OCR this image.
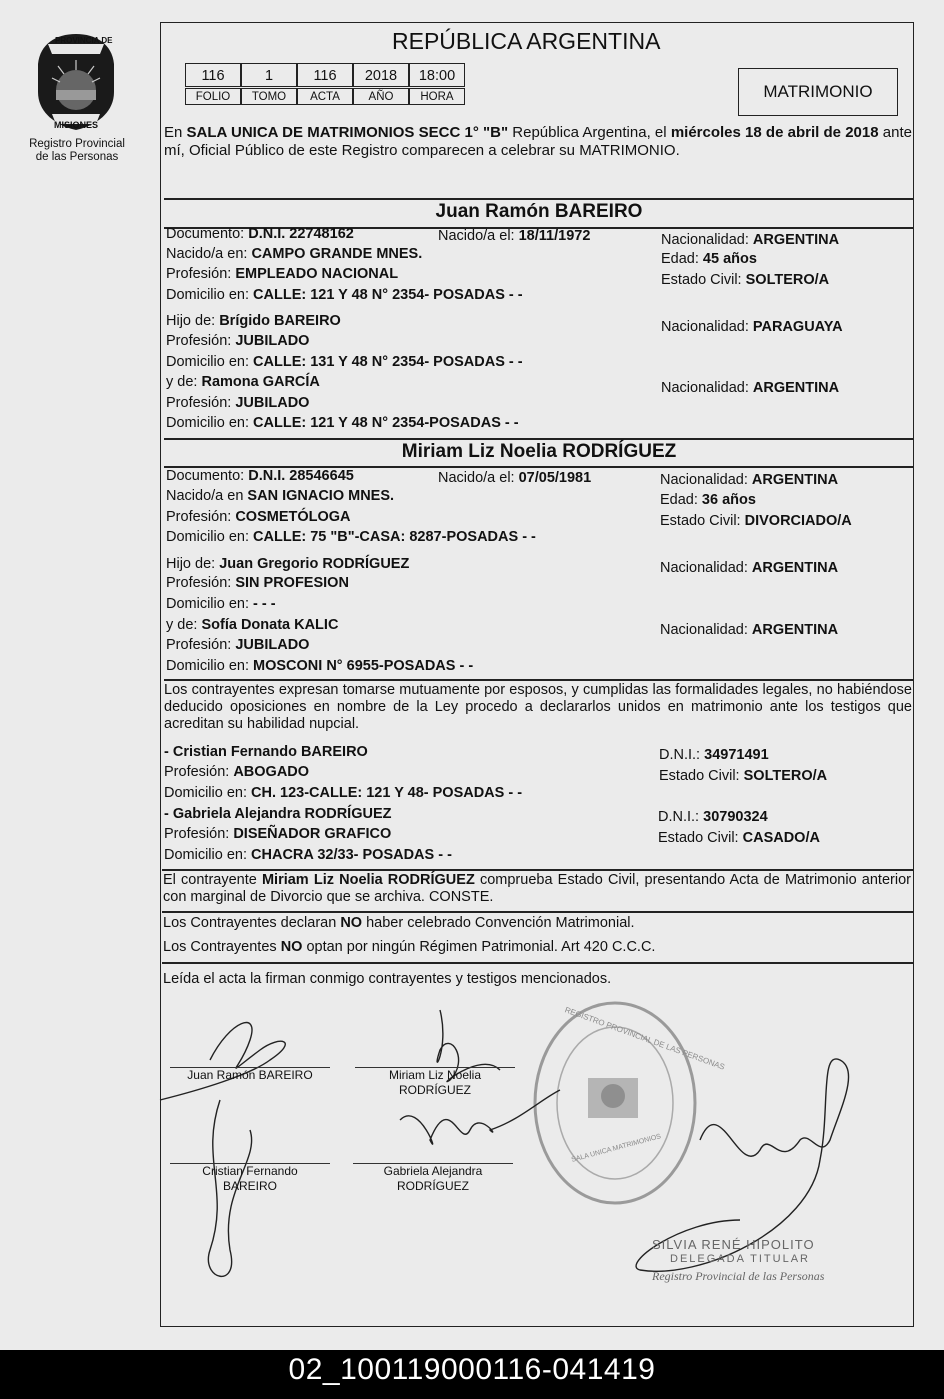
PROVINCIA DE
MISIONES
Registro Provincial
de las Personas
REPÚBLICA ARGENTINA
116	1	116	2018	18:00
FOLIO	TOMO	ACTA	AÑO	HORA	MATRIMONIO
En SALA UNICA DE MATRIMONIOS SECC 1° "B" República Argentina, el miércoles 18 de abril de 2018 ante mí, Oficial Público de este Registro comparecen a celebrar su MATRIMONIO.
Juan Ramón BAREIRO
Documento: D.N.I. 22748162	Nacido/a el: 18/11/1972	Nacionalidad: ARGENTINA
Nacido/a en: CAMPO GRANDE MNES.	Edad: 45 años
Profesión: EMPLEADO NACIONAL	Estado Civil: SOLTERO/A
Domicilio en: CALLE: 121 Y 48 N° 2354- POSADAS - -
Hijo de: Brígido BAREIRO	Nacionalidad: PARAGUAYA
Profesión: JUBILADO
Domicilio en: CALLE: 131 Y 48 N° 2354- POSADAS - -
y de: Ramona GARCÍA	Nacionalidad: ARGENTINA
Profesión: JUBILADO
Domicilio en: CALLE: 121 Y 48 N° 2354-POSADAS - -
Miriam Liz Noelia RODRÍGUEZ
Documento: D.N.I. 28546645	Nacido/a el: 07/05/1981	Nacionalidad: ARGENTINA
Nacido/a en SAN IGNACIO MNES.	Edad: 36 años
Profesión: COSMETÓLOGA	Estado Civil: DIVORCIADO/A
Domicilio en: CALLE: 75 "B"-CASA: 8287-POSADAS - -
Hijo de: Juan Gregorio RODRÍGUEZ	Nacionalidad: ARGENTINA
Profesión: SIN PROFESION
Domicilio en: - - -
y de: Sofía Donata KALIC	Nacionalidad: ARGENTINA
Profesión: JUBILADO
Domicilio en: MOSCONI N° 6955-POSADAS - -
Los contrayentes expresan tomarse mutuamente por esposos, y cumplidas las formalidades legales, no habiéndose deducido oposiciones en nombre de la Ley procedo a declararlos unidos en matrimonio ante los testigos que acreditan su habilidad nupcial.
- Cristian Fernando BAREIRO	D.N.I.: 34971491
Profesión: ABOGADO	Estado Civil: SOLTERO/A
Domicilio en: CH. 123-CALLE: 121 Y 48- POSADAS - -
- Gabriela Alejandra RODRÍGUEZ	D.N.I.: 30790324
Profesión: DISEÑADOR GRAFICO	Estado Civil: CASADO/A
Domicilio en: CHACRA 32/33- POSADAS - -
El contrayente Miriam Liz Noelia RODRÍGUEZ comprueba Estado Civil, presentando Acta de Matrimonio anterior con marginal de Divorcio que se archiva. CONSTE.
Los Contrayentes declaran NO haber celebrado Convención Matrimonial.
Los Contrayentes NO optan por ningún Régimen Patrimonial. Art 420 C.C.C.
Leída el acta la firman conmigo contrayentes y testigos mencionados.
REGISTRO PROVINCIAL DE LAS PERSONAS
SALA UNICA MATRIMONIOS
Juan Ramón BAREIRO	Miriam Liz Noelia
RODRÍGUEZ
Cristian Fernando
BAREIRO
Gabriela Alejandra
RODRÍGUEZ
SILVIA RENÉ HIPOLITO
DELEGADA TITULAR
Registro Provincial de las Personas
02_100119000116-041419
